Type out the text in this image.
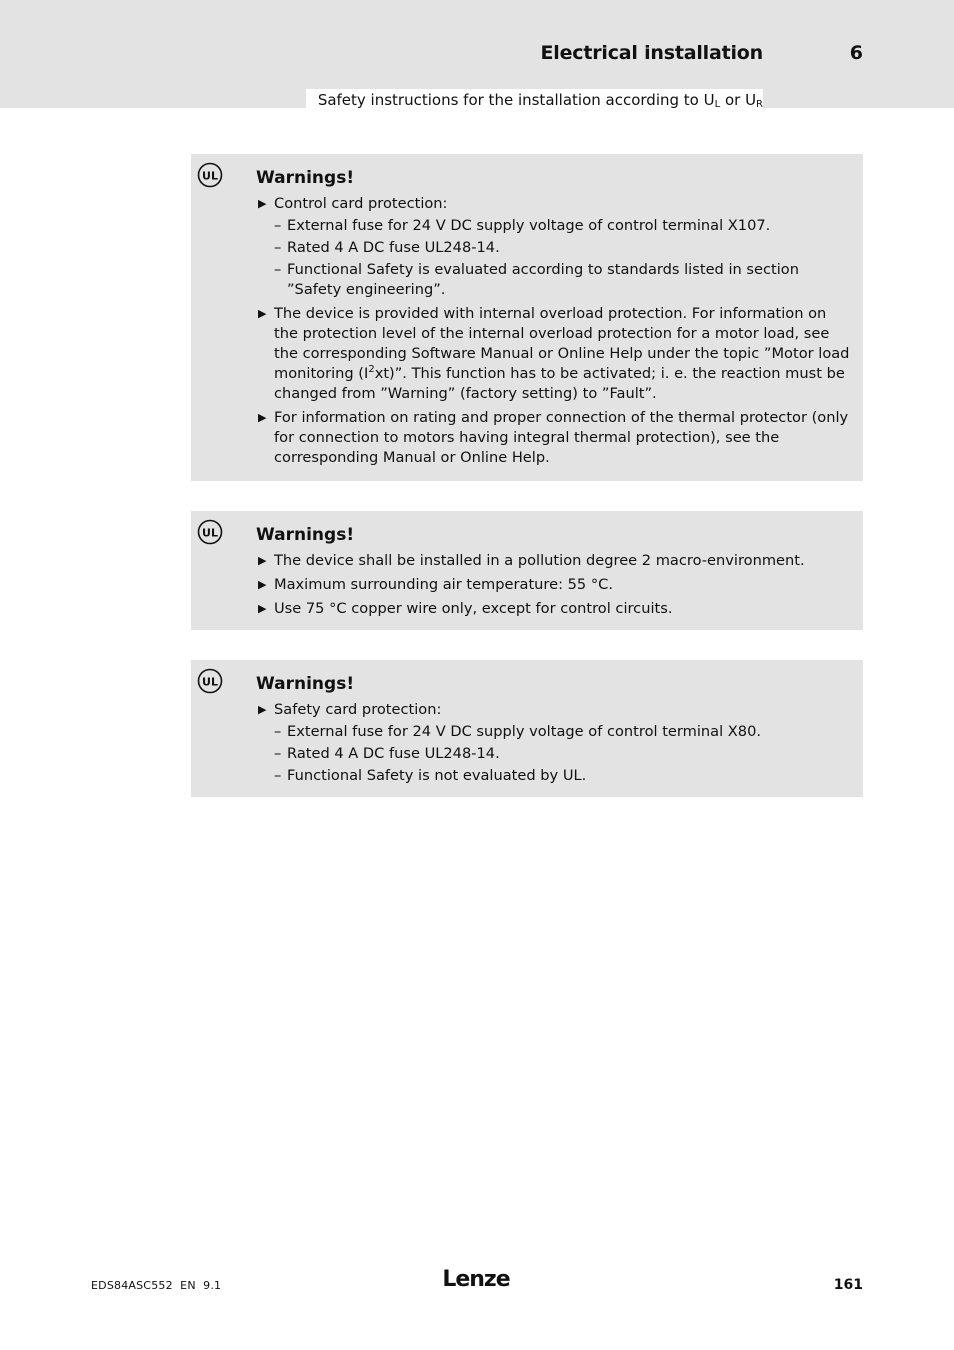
Electrical installation	6
Safety instructions for the installation according to $U_L$ or $U_R$
UL Warnings!
▶ Control card protection:
– External fuse for 24 V DC supply voltage of control terminal X107.
– Rated 4 A DC fuse UL248-14.
– Functional Safety is evaluated according to standards listed in section ”Safety engineering”.
▶ The device is provided with internal overload protection. For information on the protection level of the internal overload protection for a motor load, see the corresponding Software Manual or Online Help under the topic ”Motor load monitoring $(I^2xt)$”. This function has to be activated; i. e. the reaction must be changed from ”Warning” (factory setting) to ”Fault”.
▶ For information on rating and proper connection of the thermal protector (only for connection to motors having integral thermal protection), see the corresponding Manual or Online Help.
UL Warnings!
▶ The device shall be installed in a pollution degree 2 macro-environment.
▶ Maximum surrounding air temperature: 55 °C.
▶ Use 75 °C copper wire only, except for control circuits.
UL Warnings!
▶ Safety card protection:
– External fuse for 24 V DC supply voltage of control terminal X80.
– Rated 4 A DC fuse UL248-14.
– Functional Safety is not evaluated by UL.
EDS84ASC552  EN  9.1	Lenze	161
